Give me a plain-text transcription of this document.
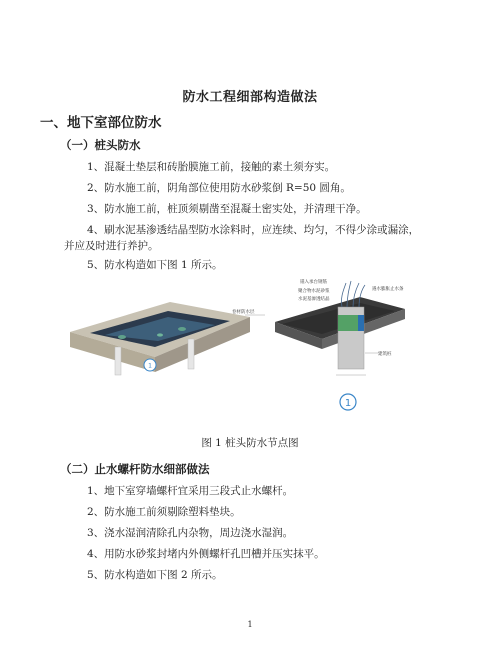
防水工程细部构造做法
一、地下室部位防水
（一）桩头防水
1、混凝土垫层和砖胎膜施工前，接触的素土须夯实。
2、防水施工前，阴角部位使用防水砂浆倒 R=50 圆角。
3、防水施工前，桩顶须剔凿至混凝土密实处，并清理干净。
4、刷水泥基渗透结晶型防水涂料时，应连续、均匀，不得少涂或漏涂，
并应及时进行养护。
5、防水构造如下图 1 所示。
卷材防水层
1
锚入承台钢筋
聚合物水泥砂浆
水泥基渗透结晶
遇水膨胀止水条
建筑桩
1
图 1 桩头防水节点图
（二）止水螺杆防水细部做法
1、地下室穿墙螺杆宜采用三段式止水螺杆。
2、防水施工前须剔除塑料垫块。
3、浇水湿润清除孔内杂物，周边浇水湿润。
4、用防水砂浆封堵内外侧螺杆孔凹槽并压实抹平。
5、防水构造如下图 2 所示。
1
